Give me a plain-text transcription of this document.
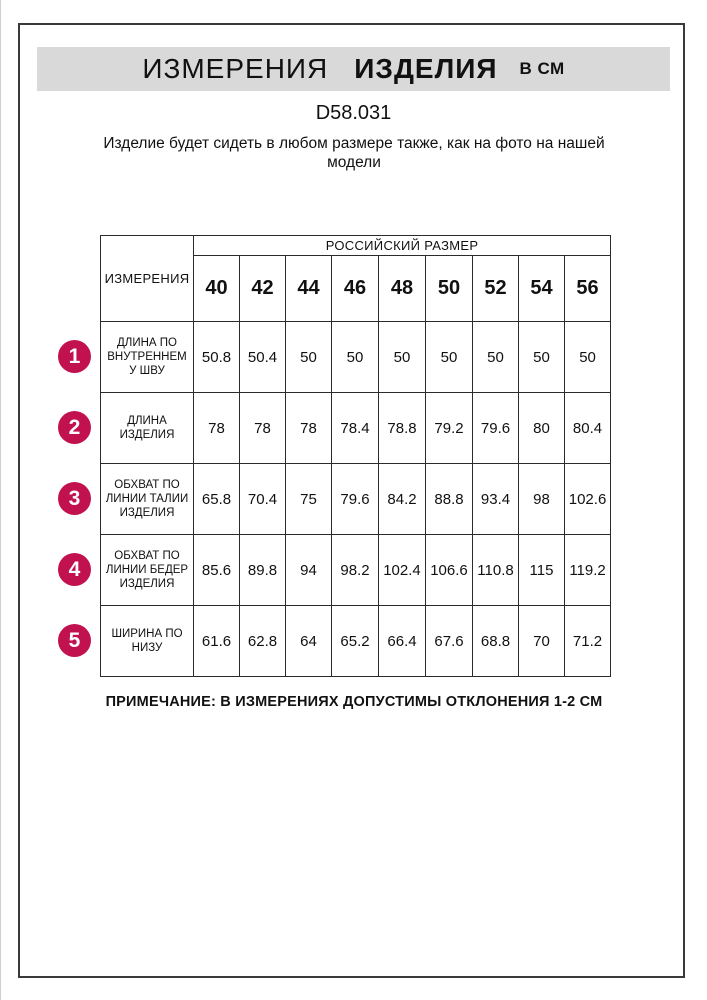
ИЗМЕРЕНИЯ ИЗДЕЛИЯ В СМ
D58.031
Изделие будет сидеть в любом размере также, как на фото на нашей модели
ИЗМЕРЕНИЯ	РОССИЙСКИЙ РАЗМЕР								
	40	42	44	46	48	50	52	54	56
ДЛИНА ПО ВНУТРЕННЕМУ ШВУ	50.8	50.4	50	50	50	50	50	50	50
ДЛИНА ИЗДЕЛИЯ	78	78	78	78.4	78.8	79.2	79.6	80	80.4
ОБХВАТ ПО ЛИНИИ ТАЛИИ ИЗДЕЛИЯ	65.8	70.4	75	79.6	84.2	88.8	93.4	98	102.6
ОБХВАТ ПО ЛИНИИ БЕДЕР ИЗДЕЛИЯ	85.6	89.8	94	98.2	102.4	106.6	110.8	115	119.2
ШИРИНА ПО НИЗУ	61.6	62.8	64	65.2	66.4	67.6	68.8	70	71.2
1
2
3
4
5
ПРИМЕЧАНИЕ: В ИЗМЕРЕНИЯХ ДОПУСТИМЫ ОТКЛОНЕНИЯ 1-2 СМ
